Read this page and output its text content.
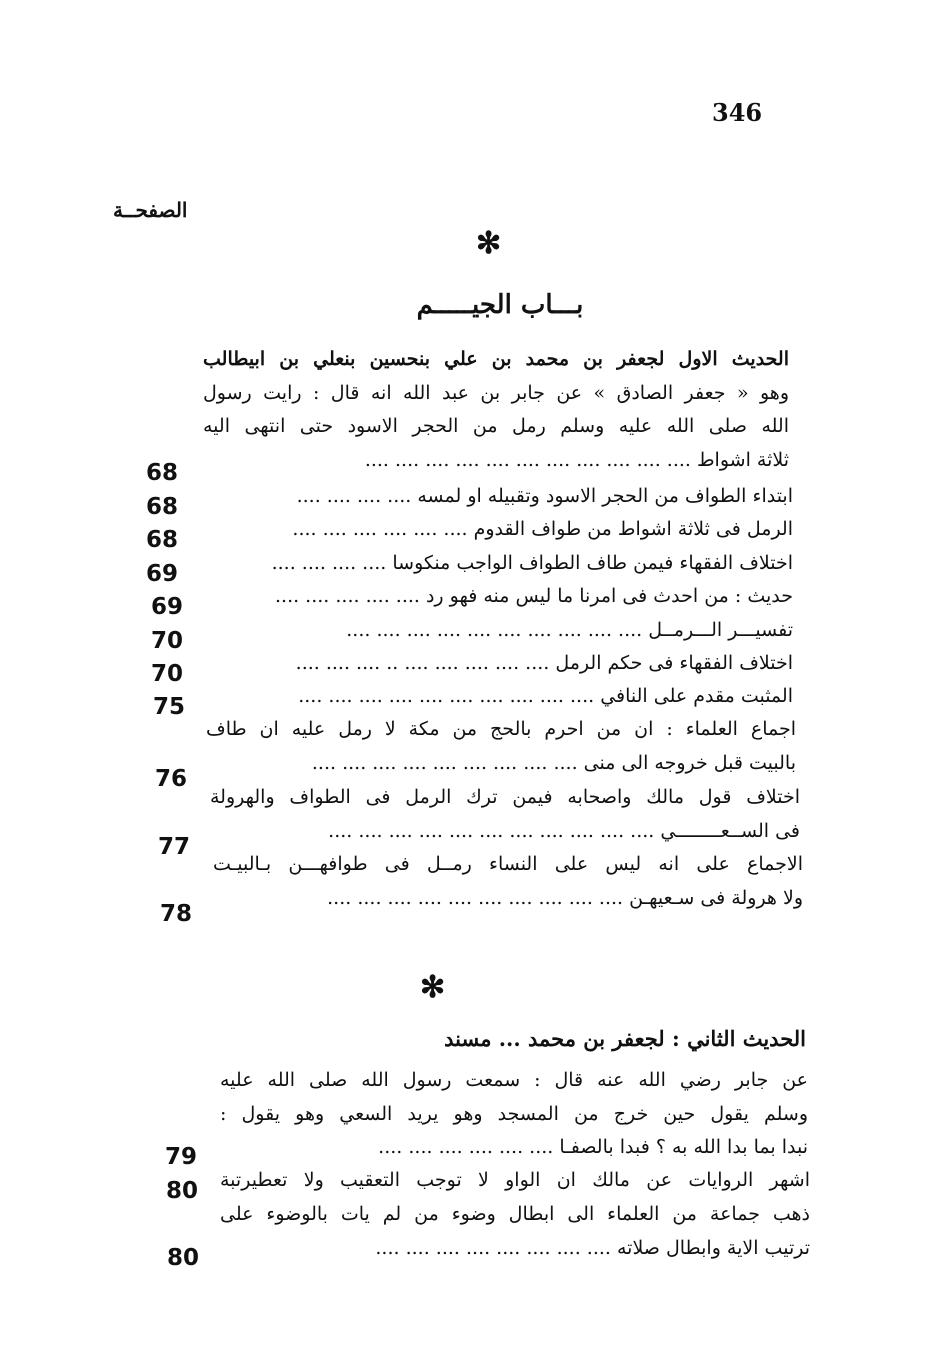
346
الصفحــة
✻
بـــاب الجيـــــم
الحديث الاول لجعفر بن محمد بن علي بنحسين بنعلي بن ابيطالب
وهو « جعفر الصادق » عن جابر بن عبد الله انه قال : رايت رسول
الله صلى الله عليه وسلم رمل من الحجر الاسود حتى انتهى اليه
ثلاثة اشواط .... .... .... .... .... .... .... .... .... .... ....
68
ابتداء الطواف من الحجر الاسود وتقبيله او لمسه .... .... .... ....
68
الرمل فى ثلاثة اشواط من طواف القدوم .... .... .... .... .... ....
68
اختلاف الفقهاء فيمن طاف الطواف الواجب منكوسا .... .... .... ....
69
حديث : من احدث فى امرنا ما ليس منه فهو رد .... .... .... .... ....
69
تفسيـــر الـــرمــل .... .... .... .... .... .... .... .... .... ....
70
اختلاف الفقهاء فى حكم الرمل .... .... .... .... .... .. .... .... ....
70
المثبت مقدم على النافي .... .... .... .... .... .... .... .... .... ....
75
اجماع العلماء : ان من احرم بالحج من مكة لا رمل عليه ان طاف
بالبيت قبل خروجه الى منى .... .... .... .... .... .... .... .... ....
76
اختلاف قول مالك واصحابه فيمن ترك الرمل فى الطواف والهرولة
فى الســعــــــــي .... .... .... .... .... .... .... .... .... .... ....
77
الاجماع على انه ليس على النساء رمــل فى طوافهـــن بـالبيـت
ولا هرولة فى سـعيهـن .... .... .... .... .... .... .... .... .... ....
78
✻
الحديث الثاني : لجعفر بن محمد ... مسند
عن جابر رضي الله عنه قال : سمعت رسول الله صلى الله عليه
وسلم يقول حين خرج من المسجد وهو يريد السعي وهو يقول :
نبدا بما بدا الله به ؟ فبدا بالصفـا .... .... .... .... .... ....
79
اشهر الروايات عن مالك ان الواو لا توجب التعقيب ولا تعطيرتبة
80
ذهب جماعة من العلماء الى ابطال وضوء من لم يات بالوضوء على
ترتيب الاية وابطال صلاته .... .... .... .... .... .... .... ....
80
